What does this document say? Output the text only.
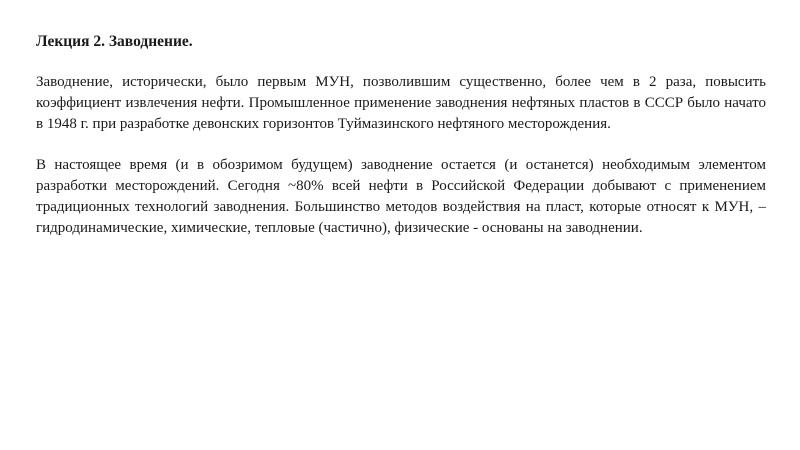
Лекция 2. Заводнение.

Заводнение, исторически, было первым МУН, позволившим существенно, более чем в 2 раза, повысить коэффициент извлечения нефти. Промышленное применение заводнения нефтяных пластов в СССР было начато в 1948 г. при разработке девонских горизонтов Туймазинского нефтяного месторождения.

В настоящее время (и в обозримом будущем) заводнение остается (и останется) необходимым элементом разработки месторождений. Сегодня ~80% всей нефти в Российской Федерации добывают с применением традиционных технологий заводнения. Большинство методов воздействия на пласт, которые относят к МУН, – гидродинамические, химические, тепловые (частично), физические - основаны на заводнении.
